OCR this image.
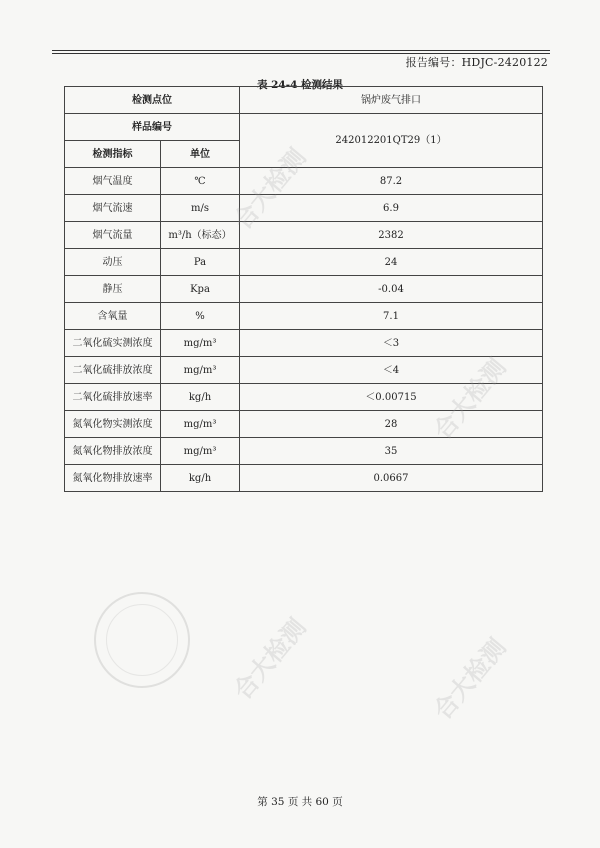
报告编号：HDJC-2420122
表 24-4 检测结果
检测点位		锅炉废气排口
样品编号		242012201QT29（1）
检测指标	单位	
烟气温度	℃	87.2
烟气流速	m/s	6.9
烟气流量	m³/h（标态）	2382
动压	Pa	24
静压	Kpa	-0.04
含氧量	%	7.1
二氧化硫实测浓度	mg/m³	＜3
二氧化硫排放浓度	mg/m³	＜4
二氧化硫排放速率	kg/h	＜0.00715
氮氧化物实测浓度	mg/m³	28
氮氧化物排放浓度	mg/m³	35
氮氧化物排放速率	kg/h	0.0667
合大检测
合大检测
合大检测	合大检测
第 35 页 共 60 页
